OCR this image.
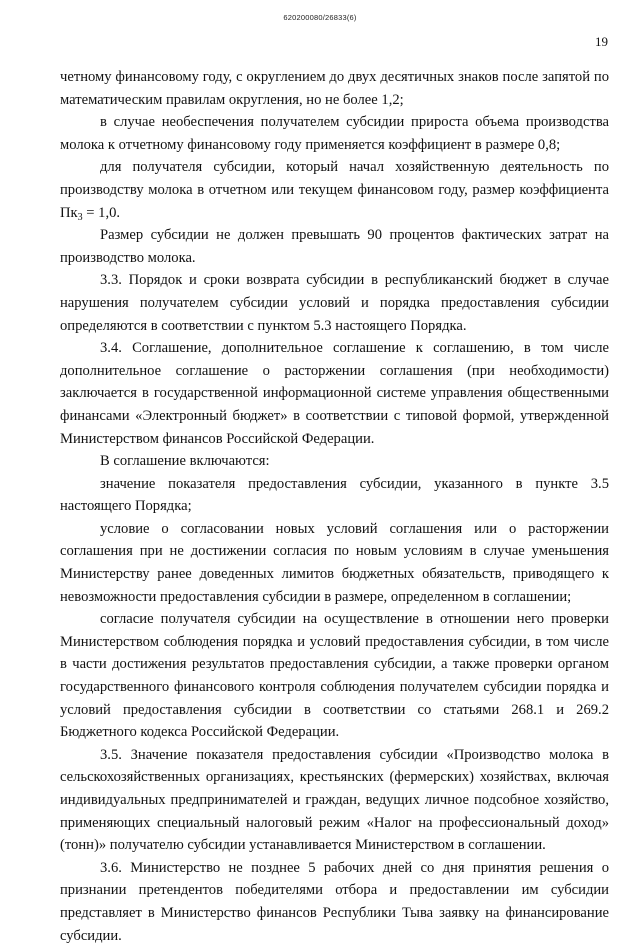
620200080/26833(6)
19

четному финансовому году, с округлением до двух десятичных знаков после запятой по математическим правилам округления, но не более 1,2;

в случае необеспечения получателем субсидии прироста объема производства молока к отчетному финансовому году применяется коэффициент в размере 0,8;

для получателя субсидии, который начал хозяйственную деятельность по производству молока в отчетном или текущем финансовом году, размер коэффициента $Пк_3 = 1,0$.

Размер субсидии не должен превышать 90 процентов фактических затрат на производство молока.

3.3. Порядок и сроки возврата субсидии в республиканский бюджет в случае нарушения получателем субсидии условий и порядка предоставления субсидии определяются в соответствии с пунктом 5.3 настоящего Порядка.

3.4. Соглашение, дополнительное соглашение к соглашению, в том числе дополнительное соглашение о расторжении соглашения (при необходимости) заключается в государственной информационной системе управления общественными финансами «Электронный бюджет» в соответствии с типовой формой, утвержденной Министерством финансов Российской Федерации.

В соглашение включаются:

значение показателя предоставления субсидии, указанного в пункте 3.5 настоящего Порядка;

условие о согласовании новых условий соглашения или о расторжении соглашения при не достижении согласия по новым условиям в случае уменьшения Министерству ранее доведенных лимитов бюджетных обязательств, приводящего к невозможности предоставления субсидии в размере, определенном в соглашении;

согласие получателя субсидии на осуществление в отношении него проверки Министерством соблюдения порядка и условий предоставления субсидии, в том числе в части достижения результатов предоставления субсидии, а также проверки органом государственного финансового контроля соблюдения получателем субсидии порядка и условий предоставления субсидии в соответствии со статьями 268.1 и 269.2 Бюджетного кодекса Российской Федерации.

3.5. Значение показателя предоставления субсидии «Производство молока в сельскохозяйственных организациях, крестьянских (фермерских) хозяйствах, включая индивидуальных предпринимателей и граждан, ведущих личное подсобное хозяйство, применяющих специальный налоговый режим «Налог на профессиональный доход» (тонн)» получателю субсидии устанавливается Министерством в соглашении.

3.6. Министерство не позднее 5 рабочих дней со дня принятия решения о признании претендентов победителями отбора и предоставлении им субсидии представляет в Министерство финансов Республики Тыва заявку на финансирование субсидии.
